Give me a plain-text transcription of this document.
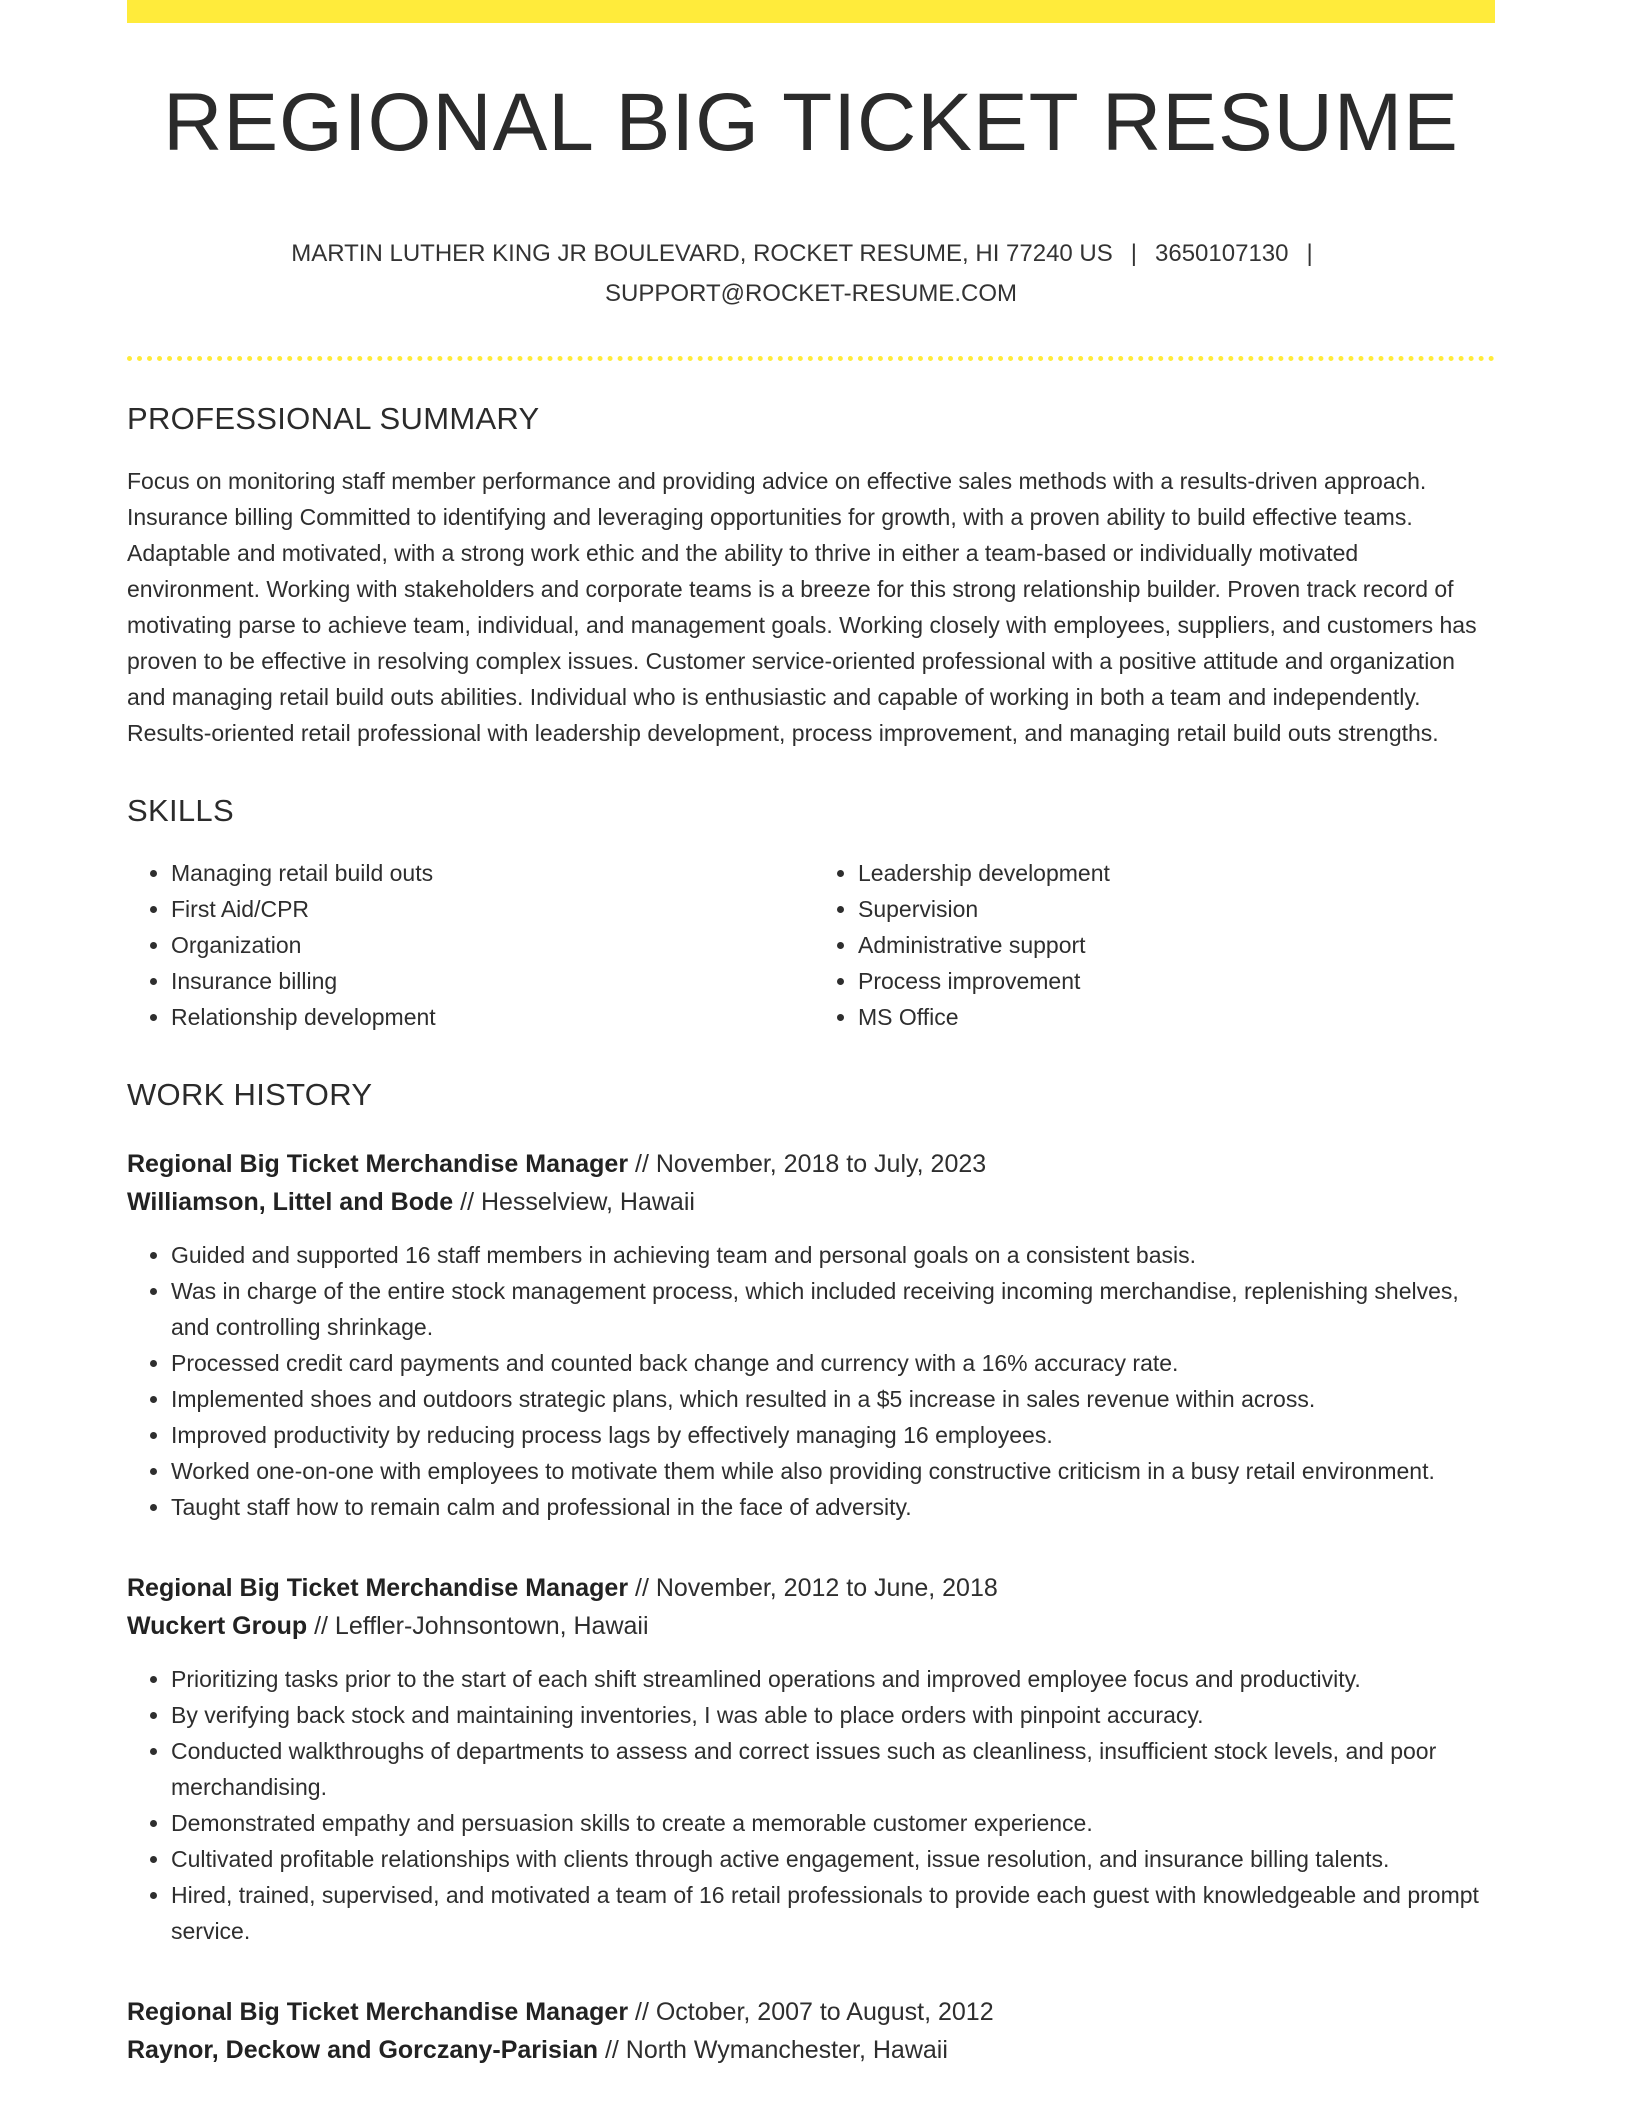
REGIONAL BIG TICKET RESUME
MARTIN LUTHER KING JR BOULEVARD, ROCKET RESUME, HI 77240 US | 3650107130 |
SUPPORT@ROCKET-RESUME.COM
PROFESSIONAL SUMMARY
Focus on monitoring staff member performance and providing advice on effective sales methods with a results-driven approach. Insurance billing Committed to identifying and leveraging opportunities for growth, with a proven ability to build effective teams. Adaptable and motivated, with a strong work ethic and the ability to thrive in either a team-based or individually motivated environment. Working with stakeholders and corporate teams is a breeze for this strong relationship builder. Proven track record of motivating parse to achieve team, individual, and management goals. Working closely with employees, suppliers, and customers has proven to be effective in resolving complex issues. Customer service-oriented professional with a positive attitude and organization and managing retail build outs abilities. Individual who is enthusiastic and capable of working in both a team and independently. Results-oriented retail professional with leadership development, process improvement, and managing retail build outs strengths.
SKILLS
• Managing retail build outs
• First Aid/CPR
• Organization
• Insurance billing
• Relationship development
• Leadership development
• Supervision
• Administrative support
• Process improvement
• MS Office
WORK HISTORY
Regional Big Ticket Merchandise Manager // November, 2018 to July, 2023
Williamson, Littel and Bode // Hesselview, Hawaii
• Guided and supported 16 staff members in achieving team and personal goals on a consistent basis.
• Was in charge of the entire stock management process, which included receiving incoming merchandise, replenishing shelves, and controlling shrinkage.
• Processed credit card payments and counted back change and currency with a 16% accuracy rate.
• Implemented shoes and outdoors strategic plans, which resulted in a $5 increase in sales revenue within across.
• Improved productivity by reducing process lags by effectively managing 16 employees.
• Worked one-on-one with employees to motivate them while also providing constructive criticism in a busy retail environment.
• Taught staff how to remain calm and professional in the face of adversity.
Regional Big Ticket Merchandise Manager // November, 2012 to June, 2018
Wuckert Group // Leffler-Johnsontown, Hawaii
• Prioritizing tasks prior to the start of each shift streamlined operations and improved employee focus and productivity.
• By verifying back stock and maintaining inventories, I was able to place orders with pinpoint accuracy.
• Conducted walkthroughs of departments to assess and correct issues such as cleanliness, insufficient stock levels, and poor merchandising.
• Demonstrated empathy and persuasion skills to create a memorable customer experience.
• Cultivated profitable relationships with clients through active engagement, issue resolution, and insurance billing talents.
• Hired, trained, supervised, and motivated a team of 16 retail professionals to provide each guest with knowledgeable and prompt service.
Regional Big Ticket Merchandise Manager // October, 2007 to August, 2012
Raynor, Deckow and Gorczany-Parisian // North Wymanchester, Hawaii
